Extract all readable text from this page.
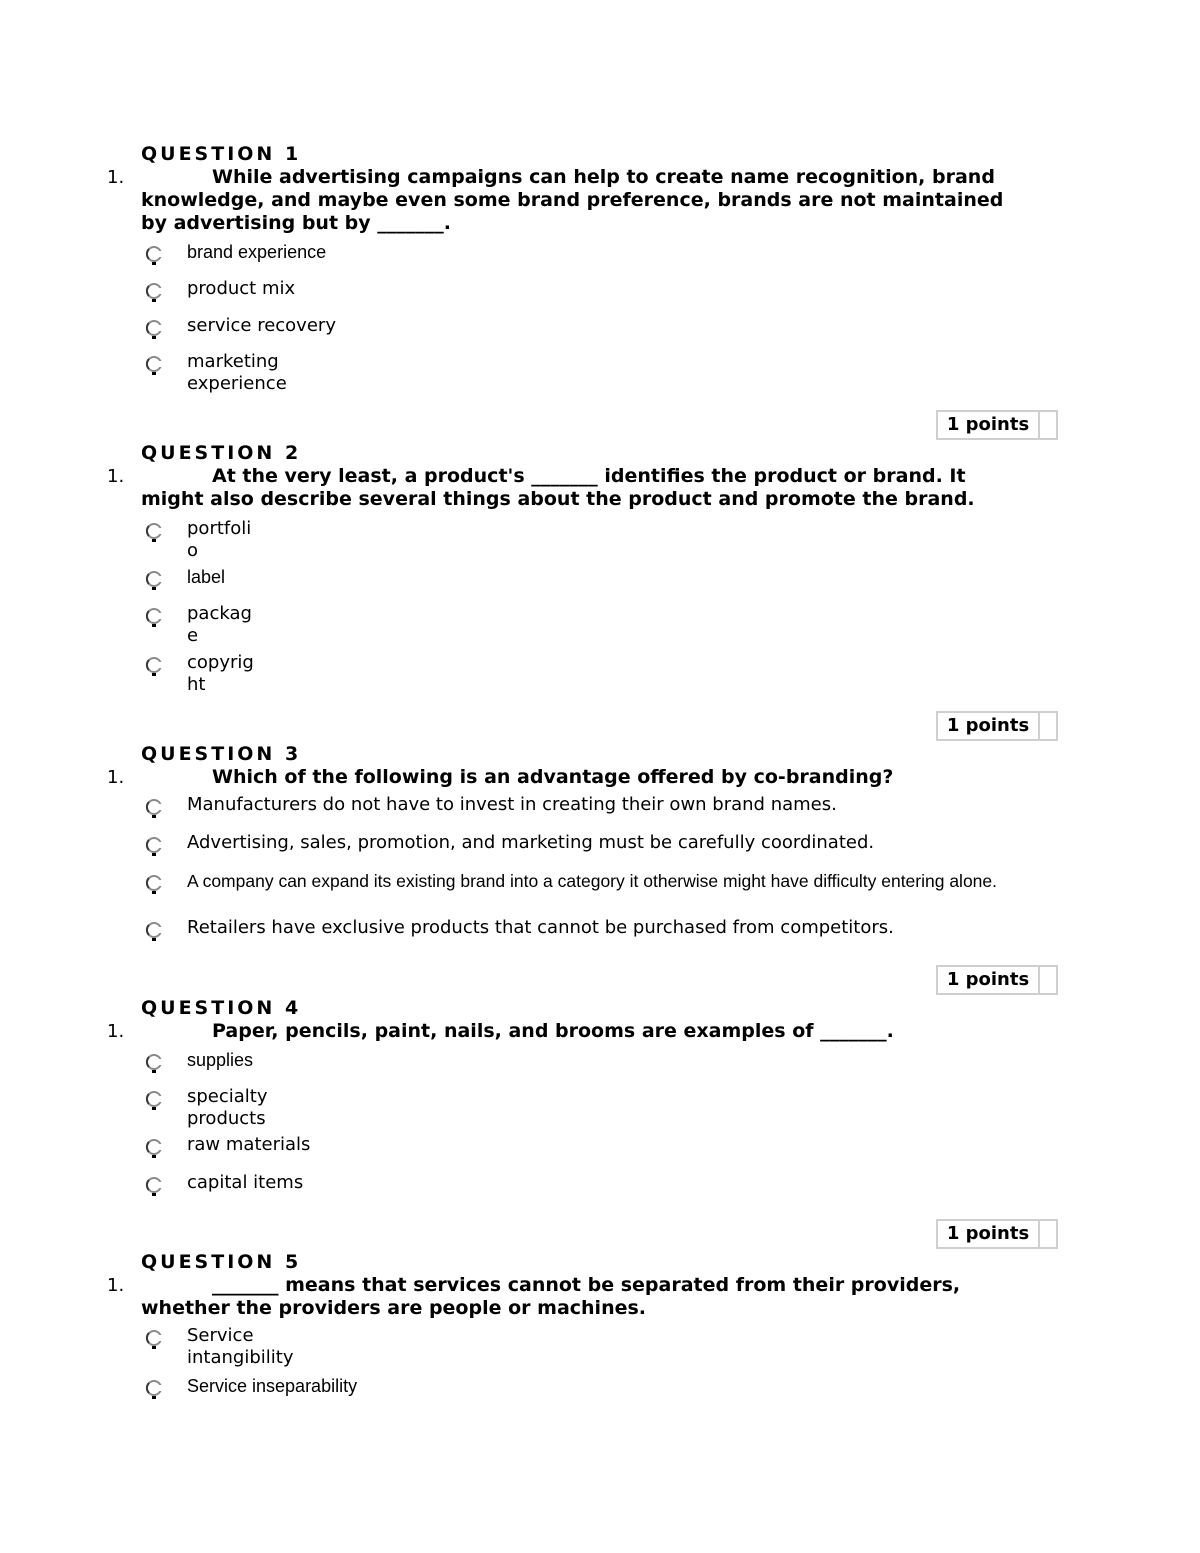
QUESTION 1
1.	While advertising campaigns can help to create name recognition, brand
knowledge, and maybe even some brand preference, brands are not maintained
by advertising but by _______.
brand experience
product mix
service recovery
marketing experience
1 points
QUESTION 2
1.	At the very least, a product's _______ identifies the product or brand. It
might also describe several things about the product and promote the brand.
portfolio
label
package
copyright
1 points
QUESTION 3
1.	Which of the following is an advantage offered by co-branding?
Manufacturers do not have to invest in creating their own brand names.
Advertising, sales, promotion, and marketing must be carefully coordinated.
A company can expand its existing brand into a category it otherwise might have difficulty entering alone.
Retailers have exclusive products that cannot be purchased from competitors.
1 points
QUESTION 4
1.	Paper, pencils, paint, nails, and brooms are examples of _______.
supplies
specialty products
raw materials
capital items
1 points
QUESTION 5
1.	_______ means that services cannot be separated from their providers,
whether the providers are people or machines.
Service intangibility
Service inseparability
